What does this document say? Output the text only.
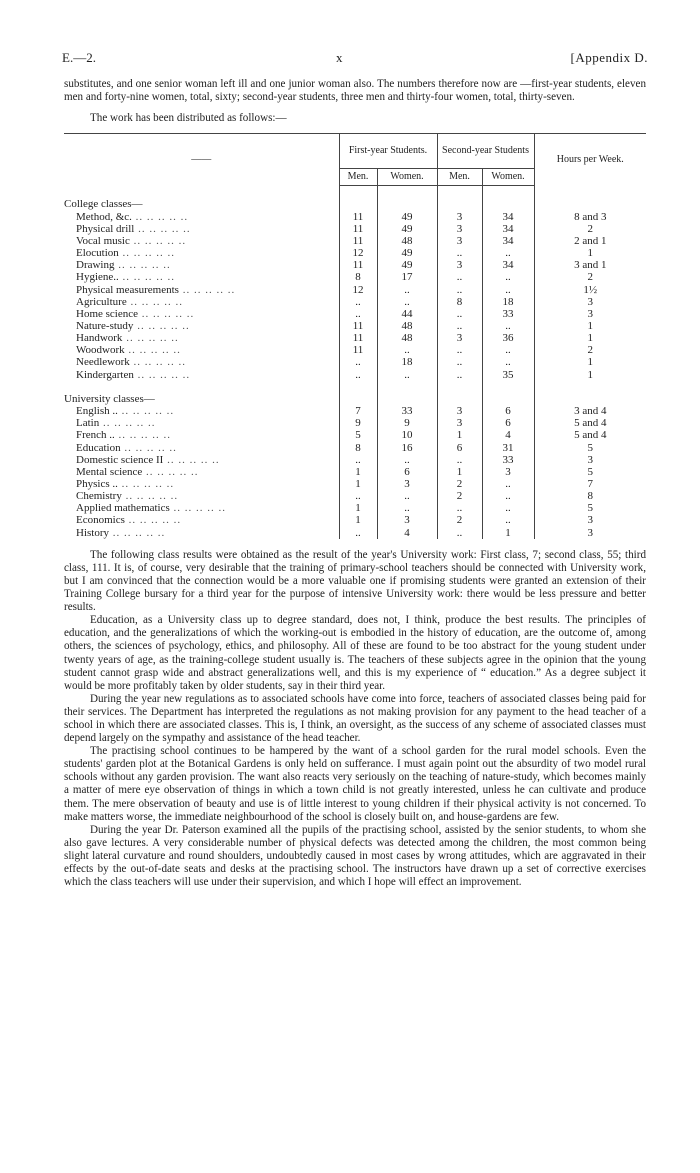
E.—2.	x	[Appendix D.

substitutes, and one senior woman left ill and one junior woman also. The numbers therefore now are —first-year students, eleven men and forty-nine women, total, sixty; second-year students, three men and thirty-four women, total, thirty-seven.

The work has been distributed as follows:—

——	First-year Students.		Second-year Students		Hours per Week.
	Men.	Women.	Men.	Women.	

College classes—					
Method, &c. .. .. .. .. ..	11	49	3	34	8 and 3
Physical drill .. .. .. .. ..	11	49	3	34	2
Vocal music .. .. .. .. ..	11	48	3	34	2 and 1
Elocution .. .. .. .. ..	12	49	..	..	1
Drawing .. .. .. .. ..	11	49	3	34	3 and 1
Hygiene.. .. .. .. .. ..	8	17	..	..	2
Physical measurements .. .. .. .. ..	12	..	..	..	1½
Agriculture .. .. .. .. ..	..	..	8	18	3
Home science .. .. .. .. ..	..	44	..	33	3
Nature-study .. .. .. .. ..	11	48	..	..	1
Handwork .. .. .. .. ..	11	48	3	36	1
Woodwork .. .. .. .. ..	11	..	..	..	2
Needlework .. .. .. .. ..	..	18	..	..	1
Kindergarten .. .. .. .. ..	..	..	..	35	1

University classes—					
English .. .. .. .. .. ..	7	33	3	6	3 and 4
Latin .. .. .. .. ..	9	9	3	6	5 and 4
French .. .. .. .. .. ..	5	10	1	4	5 and 4
Education .. .. .. .. ..	8	16	6	31	5
Domestic science II .. .. .. .. ..	..	..	..	33	3
Mental science .. .. .. .. ..	1	6	1	3	5
Physics .. .. .. .. .. ..	1	3	2	..	7
Chemistry .. .. .. .. ..	..	..	2	..	8
Applied mathematics .. .. .. .. ..	1	..	..	..	5
Economics .. .. .. .. ..	1	3	2	..	3
History .. .. .. .. ..	..	4	..	1	3

The following class results were obtained as the result of the year's University work: First class, 7; second class, 55; third class, 111. It is, of course, very desirable that the training of primary-school teachers should be connected with University work, but I am convinced that the connection would be a more valuable one if promising students were granted an extension of their Training College bursary for a third year for the purpose of intensive University work: there would be less pressure and better results.

Education, as a University class up to degree standard, does not, I think, produce the best results. The principles of education, and the generalizations of which the working-out is embodied in the history of education, are the outcome of, among others, the sciences of psychology, ethics, and philosophy. All of these are found to be too abstract for the young student under twenty years of age, as the training-college student usually is. The teachers of these subjects agree in the opinion that the young student cannot grasp wide and abstract generalizations well, and this is my experience of “ education.” As a degree subject it would be more profitably taken by older students, say in their third year.

During the year new regulations as to associated schools have come into force, teachers of associated classes being paid for their services. The Department has interpreted the regulations as not making provision for any payment to the head teacher of a school in which there are associated classes. This is, I think, an oversight, as the success of any scheme of associated classes must depend largely on the sympathy and assistance of the head teacher.

The practising school continues to be hampered by the want of a school garden for the rural model schools. Even the students' garden plot at the Botanical Gardens is only held on sufferance. I must again point out the absurdity of two model rural schools without any garden provision. The want also reacts very seriously on the teaching of nature-study, which becomes mainly a matter of mere eye observation of things in which a town child is not greatly interested, unless he can cultivate and produce them. The mere observation of beauty and use is of little interest to young children if their physical activity is not concerned. To make matters worse, the immediate neighbourhood of the school is closely built on, and house-gardens are few.

During the year Dr. Paterson examined all the pupils of the practising school, assisted by the senior students, to whom she also gave lectures. A very considerable number of physical defects was detected among the children, the most common being slight lateral curvature and round shoulders, undoubtedly caused in most cases by wrong attitudes, which are aggravated in their effects by the out-of-date seats and desks at the practising school. The instructors have drawn up a set of corrective exercises which the class teachers will use under their supervision, and which I hope will effect an improvement.
